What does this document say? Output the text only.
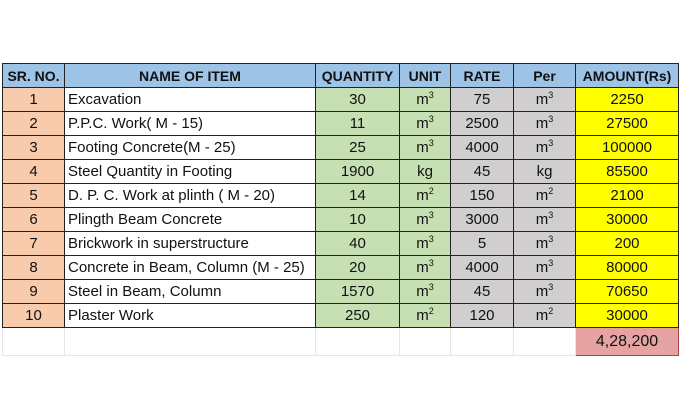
SR. NO.	NAME OF ITEM	QUANTITY	UNIT	RATE	Per	AMOUNT(Rs)
1	Excavation	30	$m^3$	75	$m^3$	2250
2	P.P.C. Work( M - 15)	11	$m^3$	2500	$m^3$	27500
3	Footing Concrete(M - 25)	25	$m^3$	4000	$m^3$	100000
4	Steel Quantity in Footing	1900	kg	45	kg	85500
5	D. P. C. Work at plinth ( M - 20)	14	$m^2$	150	$m^2$	2100
6	Plingth Beam Concrete	10	$m^3$	3000	$m^3$	30000
7	Brickwork in superstructure	40	$m^3$	5	$m^3$	200
8	Concrete in Beam, Column (M - 25)	20	$m^3$	4000	$m^3$	80000
9	Steel in Beam, Column	1570	$m^3$	45	$m^3$	70650
10	Plaster Work	250	$m^2$	120	$m^2$	30000
						4,28,200
